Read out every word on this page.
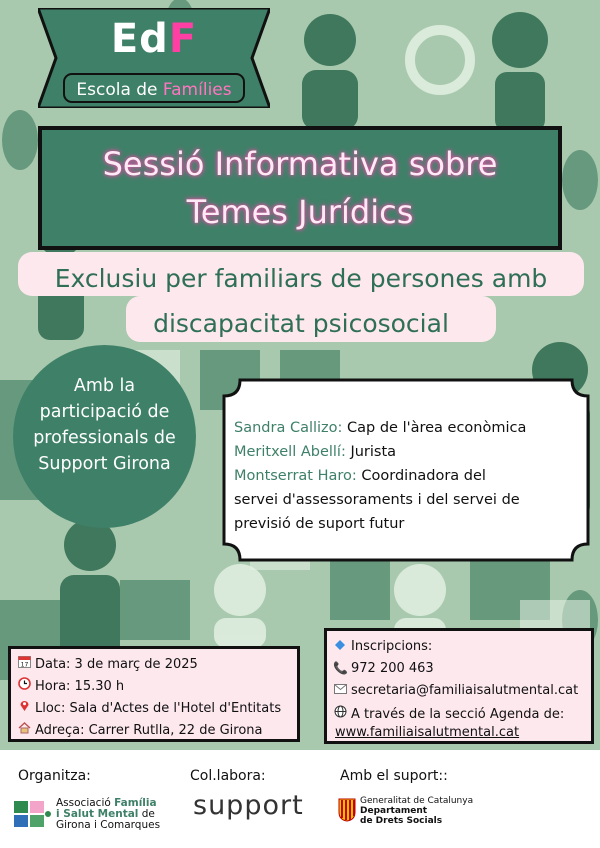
EdF
Escola de Famílies
Sessió Informativa sobre
Temes Jurídics
Exclusiu per familiars de persones amb
discapacitat psicosocial
Amb la
participació de
professionals de
Support Girona
Sandra Callizo: Cap de l'àrea econòmica
Meritxell Abellí: Jurista
Montserrat Haro: Coordinadora del
servei d'assessoraments i del servei de
previsió de suport futur
17 Data: 3 de març de 2025
Hora: 15.30 h
Lloc: Sala d'Actes de l'Hotel d'Entitats
Adreça: Carrer Rutlla, 22 de Girona
Inscripcions:
📞 972 200 463
secretaria@familiaisalutmental.cat
A través de la secció Agenda de:
www.familiaisalutmental.cat
Organitza:	Col.labora:	Amb el suport::
Associació Família
i Salut Mental de
Girona i Comarques
support	Generalitat de Catalunya
Departament
de Drets Socials
